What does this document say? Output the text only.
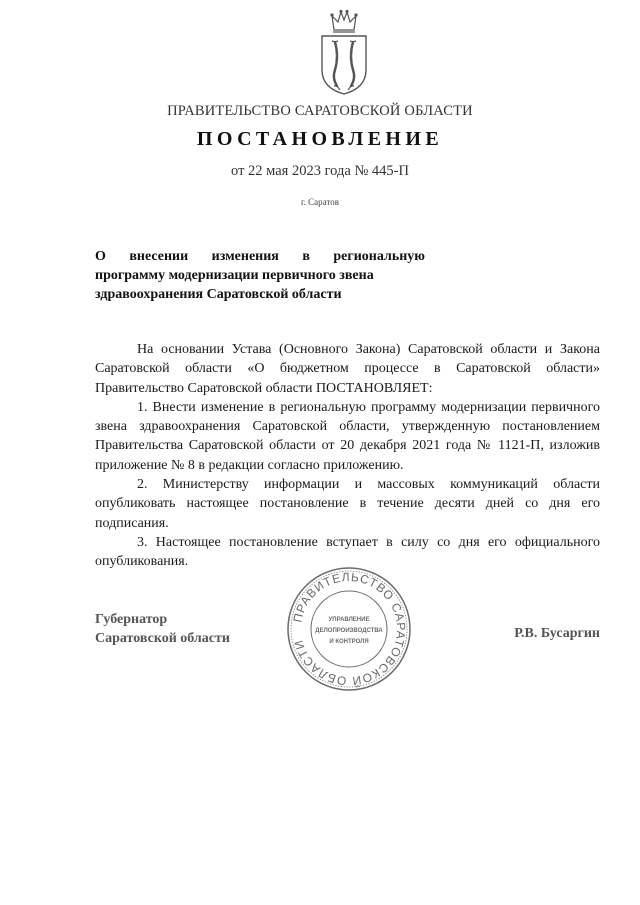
ПРАВИТЕЛЬСТВО САРАТОВСКОЙ ОБЛАСТИ
ПОСТАНОВЛЕНИЕ
от 22 мая 2023 года № 445-П
г. Саратов
О внесении изменения в региональную
программу модернизации первичного звена
здравоохранения Саратовской области

На основании Устава (Основного Закона) Саратовской области и Закона Саратовской области «О бюджетном процессе в Саратовской области» Правительство Саратовской области ПОСТАНОВЛЯЕТ:

1. Внести изменение в региональную программу модернизации первичного звена здравоохранения Саратовской области, утвержденную постановлением Правительства Саратовской области от 20 декабря 2021 года № 1121-П, изложив приложение № 8 в редакции согласно приложению.

2. Министерству информации и массовых коммуникаций области опубликовать настоящее постановление в течение десяти дней со дня его подписания.

3. Настоящее постановление вступает в силу со дня его официального опубликования.

Губернатор
Саратовской области
ПРАВИТЕЛЬСТВО САРАТОВСКОЙ ОБЛАСТИ
УПРАВЛЕНИЕ
ДЕЛОПРОИЗВОДСТВА
И КОНТРОЛЯ
Р.В. Бусаргин
